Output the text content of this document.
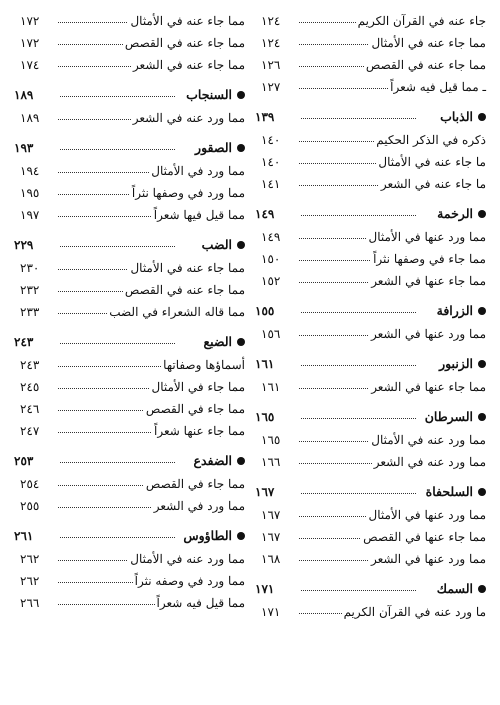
جاء عنه في القرآن الكريم
١٢٤
مما جاء عنه في الأمثال
١٢٤
مما جاء عنه في القصص
١٢٦
ـ مما قيل فيه شعراً
١٢٧
الذباب
١٣٩
ذكره في الذكر الحكيم
١٤٠
ما جاء عنه في الأمثال
١٤٠
ما جاء عنه في الشعر
١٤١
الرخمة
١٤٩
مما ورد عنها في الأمثال
١٤٩
مما جاء في وصفها نثراً
١٥٠
مما جاء عنها في الشعر
١٥٢
الزرافة
١٥٥
مما ورد عنها في الشعر
١٥٦
الزنبور
١٦١
مما جاء عنها في الشعر
١٦١
السرطان
١٦٥
مما ورد عنه في الأمثال
١٦٥
مما ورد عنه في الشعر
١٦٦
السلحفاة
١٦٧
مما ورد عنها في الأمثال
١٦٧
مما جاء عنها في القصص
١٦٧
مما ورد عنها في الشعر
١٦٨
السمك
١٧١
ما ورد عنه في القرآن الكريم
١٧١
مما جاء عنه في الأمثال
١٧٢
مما جاء عنه في القصص
١٧٢
مما جاء عنه في الشعر
١٧٤
السنجاب
١٨٩
مما ورد عنه في الشعر
١٨٩
الصقور
١٩٣
مما ورد في الأمثال
١٩٤
مما ورد في وصفها نثراً
١٩٥
مما قيل فيها شعراً
١٩٧
الضب
٢٢٩
مما جاء عنه في الأمثال
٢٣٠
مما جاء عنه في القصص
٢٣٢
مما قاله الشعراء في الضب
٢٣٣
الضبع
٢٤٣
أسماؤها وصفاتها
٢٤٣
مما جاء في الأمثال
٢٤٥
مما جاء في القصص
٢٤٦
مما جاء عنها شعراً
٢٤٧
الضفدع
٢٥٣
مما جاء في القصص
٢٥٤
مما ورد في الشعر
٢٥٥
الطاؤوس
٢٦١
مما ورد عنه في الأمثال
٢٦٢
مما ورد في وصفه نثراً
٢٦٢
مما قيل فيه شعراً
٢٦٦
